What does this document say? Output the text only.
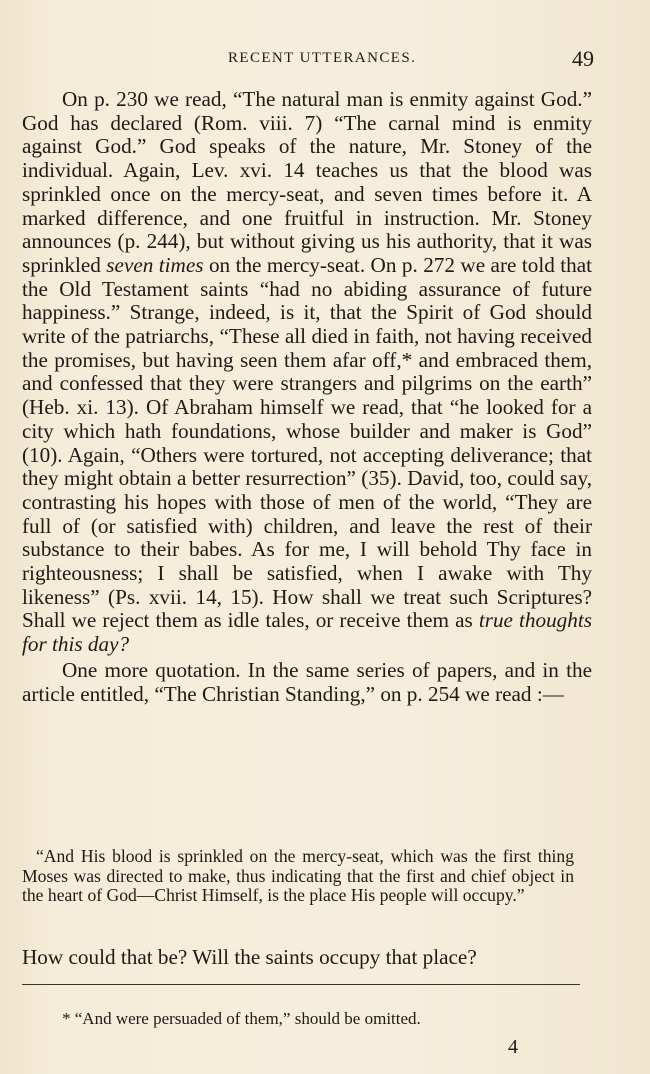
RECENT UTTERANCES.	49

On p. 230 we read, “The natural man is enmity against God.” God has declared (Rom. viii. 7) “The carnal mind is enmity against God.” God speaks of the nature, Mr. Stoney of the individual. Again, Lev. xvi. 14 teaches us that the blood was sprinkled once on the mercy-seat, and seven times before it. A marked difference, and one fruitful in instruction. Mr. Stoney announces (p. 244), but without giving us his authority, that it was sprinkled seven times on the mercy-seat. On p. 272 we are told that the Old Testament saints “had no abiding assurance of future happiness.” Strange, indeed, is it, that the Spirit of God should write of the patriarchs, “These all died in faith, not having received the promises, but having seen them afar off,* and embraced them, and confessed that they were strangers and pilgrims on the earth” (Heb. xi. 13). Of Abraham himself we read, that “he looked for a city which hath foundations, whose builder and maker is God” (10). Again, “Others were tortured, not accepting deliverance; that they might obtain a better resurrection” (35). David, too, could say, contrasting his hopes with those of men of the world, “They are full of (or satisfied with) children, and leave the rest of their substance to their babes. As for me, I will behold Thy face in righteousness; I shall be satisfied, when I awake with Thy likeness” (Ps. xvii. 14, 15). How shall we treat such Scriptures? Shall we reject them as idle tales, or receive them as true thoughts for this day?

One more quotation. In the same series of papers, and in the article entitled, “The Christian Standing,” on p. 254 we read :—

“And His blood is sprinkled on the mercy-seat, which was the first thing Moses was directed to make, thus indicating that the first and chief object in the heart of God—Christ Himself, is the place His people will occupy.”

How could that be? Will the saints occupy that place?
* “And were persuaded of them,” should be omitted.
4
